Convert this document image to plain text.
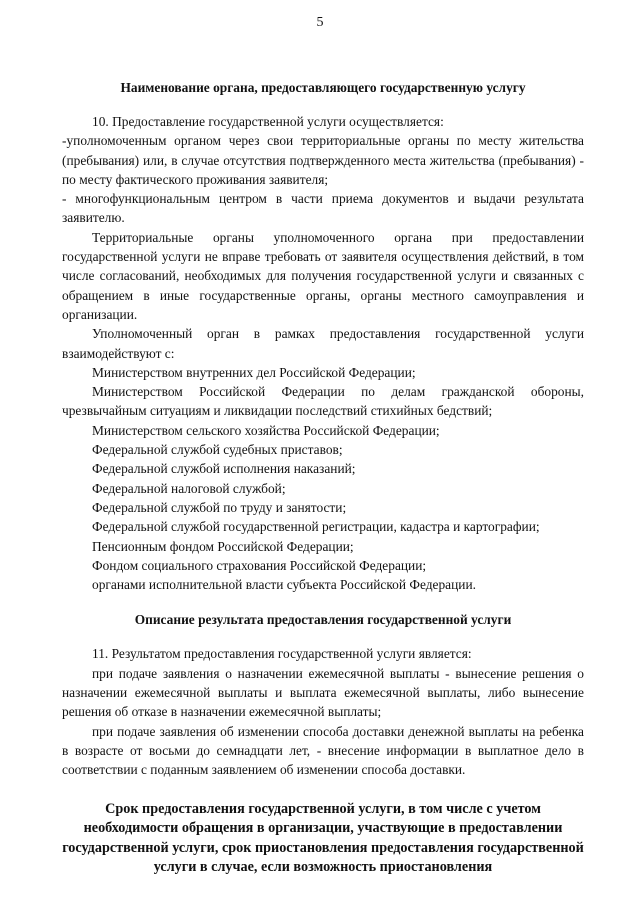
5
Наименование органа, предоставляющего государственную услугу

10. Предоставление государственной услуги осуществляется:

-уполномоченным органом через свои территориальные органы по месту жительства (пребывания) или, в случае отсутствия подтвержденного места жительства (пребывания) - по месту фактического проживания заявителя;

- многофункциональным центром в части приема документов и выдачи результата заявителю.

Территориальные органы уполномоченного органа при предоставлении государственной услуги не вправе требовать от заявителя осуществления действий, в том числе согласований, необходимых для получения государственной услуги и связанных с обращением в иные государственные органы, органы местного самоуправления и организации.

Уполномоченный орган в рамках предоставления государственной услуги взаимодействуют с:

Министерством внутренних дел Российской Федерации;

Министерством Российской Федерации по делам гражданской обороны, чрезвычайным ситуациям и ликвидации последствий стихийных бедствий;

Министерством сельского хозяйства Российской Федерации;

Федеральной службой судебных приставов;

Федеральной службой исполнения наказаний;

Федеральной налоговой службой;

Федеральной службой по труду и занятости;

Федеральной службой государственной регистрации, кадастра и картографии;

Пенсионным фондом Российской Федерации;

Фондом социального страхования Российской Федерации;

органами исполнительной власти субъекта Российской Федерации.

Описание результата предоставления государственной услуги

11. Результатом предоставления государственной услуги является:

при подаче заявления о назначении ежемесячной выплаты - вынесение решения о назначении ежемесячной выплаты и выплата ежемесячной выплаты, либо вынесение решения об отказе в назначении ежемесячной выплаты;

при подаче заявления об изменении способа доставки денежной выплаты на ребенка в возрасте от восьми до семнадцати лет, - внесение информации в выплатное дело в соответствии с поданным заявлением об изменении способа доставки.

Срок предоставления государственной услуги, в том числе с учетом необходимости обращения в организации, участвующие в предоставлении государственной услуги, срок приостановления предоставления государственной услуги в случае, если возможность приостановления
